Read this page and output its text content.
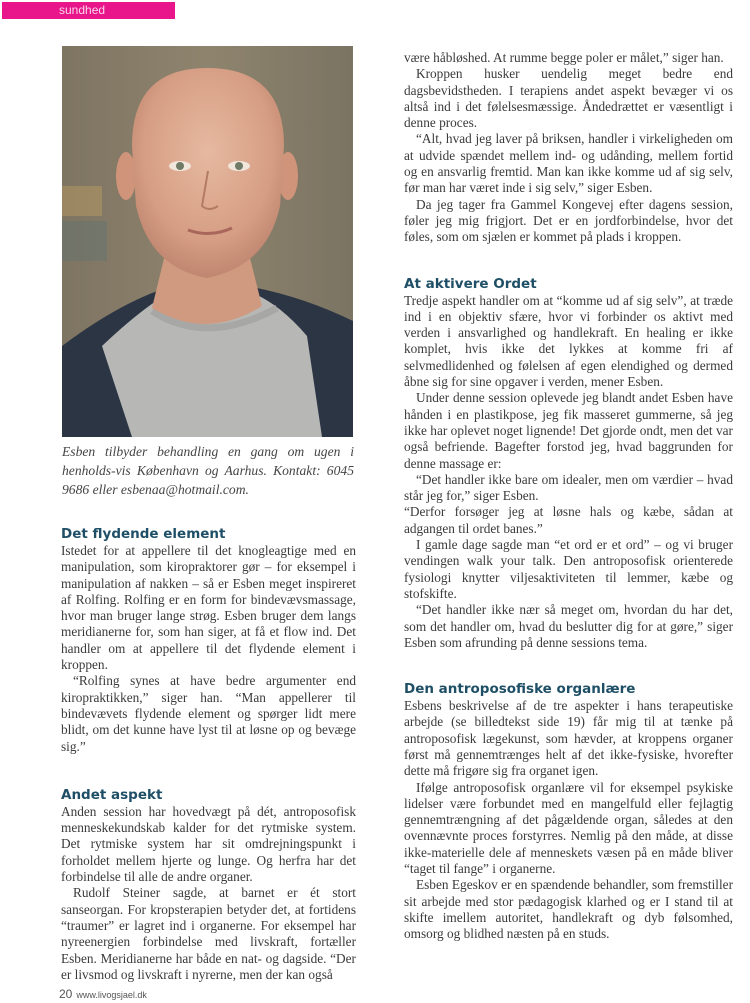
sundhed
Esben tilbyder behandling en gang om ugen i henholds-vis København og Aarhus. Kontakt: 6045 9686 eller esbenaa@hotmail.com.
Det flydende element

Istedet for at appellere til det knogleagtige med en manipulation, som kiropraktorer gør – for eksempel i manipulation af nakken – så er Esben meget inspireret af Rolfing. Rolfing er en form for bindevævsmassage, hvor man bruger lange strøg. Esben bruger dem langs meridianerne for, som han siger, at få et flow ind. Det handler om at appellere til det flydende element i kroppen.

“Rolfing synes at have bedre argumenter end kiropraktikken,” siger han. “Man appellerer til bindevævets flydende element og spørger lidt mere blidt, om det kunne have lyst til at løsne op og bevæge sig.”

Andet aspekt

Anden session har hovedvægt på dét, antroposofisk menneskekundskab kalder for det rytmiske system. Det rytmiske system har sit omdrejningspunkt i forholdet mellem hjerte og lunge. Og herfra har det forbindelse til alle de andre organer.

Rudolf Steiner sagde, at barnet er ét stort sanseorgan. For kropsterapien betyder det, at fortidens “traumer” er lagret ind i organerne. For eksempel har nyreenergien forbindelse med livskraft, fortæller Esben. Meridianerne har både en nat- og dagside. “Der er livsmod og livskraft i nyrerne, men der kan også

være håbløshed. At rumme begge poler er målet,” siger han.

Kroppen husker uendelig meget bedre end dagsbevidstheden. I terapiens andet aspekt bevæger vi os altså ind i det følelsesmæssige. Åndedrættet er væsentligt i denne proces.

“Alt, hvad jeg laver på briksen, handler i virkeligheden om at udvide spændet mellem ind- og udånding, mellem fortid og en ansvarlig fremtid. Man kan ikke komme ud af sig selv, før man har været inde i sig selv,” siger Esben.

Da jeg tager fra Gammel Kongevej efter dagens session, føler jeg mig frigjort. Det er en jordforbindelse, hvor det føles, som om sjælen er kommet på plads i kroppen.

At aktivere Ordet

Tredje aspekt handler om at “komme ud af sig selv”, at træde ind i en objektiv sfære, hvor vi forbinder os aktivt med verden i ansvarlighed og handlekraft. En healing er ikke komplet, hvis ikke det lykkes at komme fri af selvmedlidenhed og følelsen af egen elendighed og dermed åbne sig for sine opgaver i verden, mener Esben.

Under denne session oplevede jeg blandt andet Esben have hånden i en plastikpose, jeg fik masseret gummerne, så jeg ikke har oplevet noget lignende! Det gjorde ondt, men det var også befriende. Bagefter forstod jeg, hvad baggrunden for denne massage er:

“Det handler ikke bare om idealer, men om værdier – hvad står jeg for,” siger Esben.

“Derfor forsøger jeg at løsne hals og kæbe, sådan at adgangen til ordet banes.”

I gamle dage sagde man “et ord er et ord” – og vi bruger vendingen walk your talk. Den antroposofisk orienterede fysiologi knytter viljesaktiviteten til lemmer, kæbe og stofskifte.

“Det handler ikke nær så meget om, hvordan du har det, som det handler om, hvad du beslutter dig for at gøre,” siger Esben som afrunding på denne sessions tema.

Den antroposofiske organlære

Esbens beskrivelse af de tre aspekter i hans terapeutiske arbejde (se billedtekst side 19) får mig til at tænke på antroposofisk lægekunst, som hævder, at kroppens organer først må gennemtrænges helt af det ikke-fysiske, hvorefter dette må frigøre sig fra organet igen.

Ifølge antroposofisk organlære vil for eksempel psykiske lidelser være forbundet med en mangelfuld eller fejlagtig gennemtrængning af det pågældende organ, således at den ovennævnte proces forstyrres. Nemlig på den måde, at disse ikke-materielle dele af menneskets væsen på en måde bliver “taget til fange” i organerne.

Esben Egeskov er en spændende behandler, som fremstiller sit arbejde med stor pædagogisk klarhed og er I stand til at skifte imellem autoritet, handlekraft og dyb følsomhed, omsorg og blidhed næsten på en studs.

20 www.livogsjael.dk
